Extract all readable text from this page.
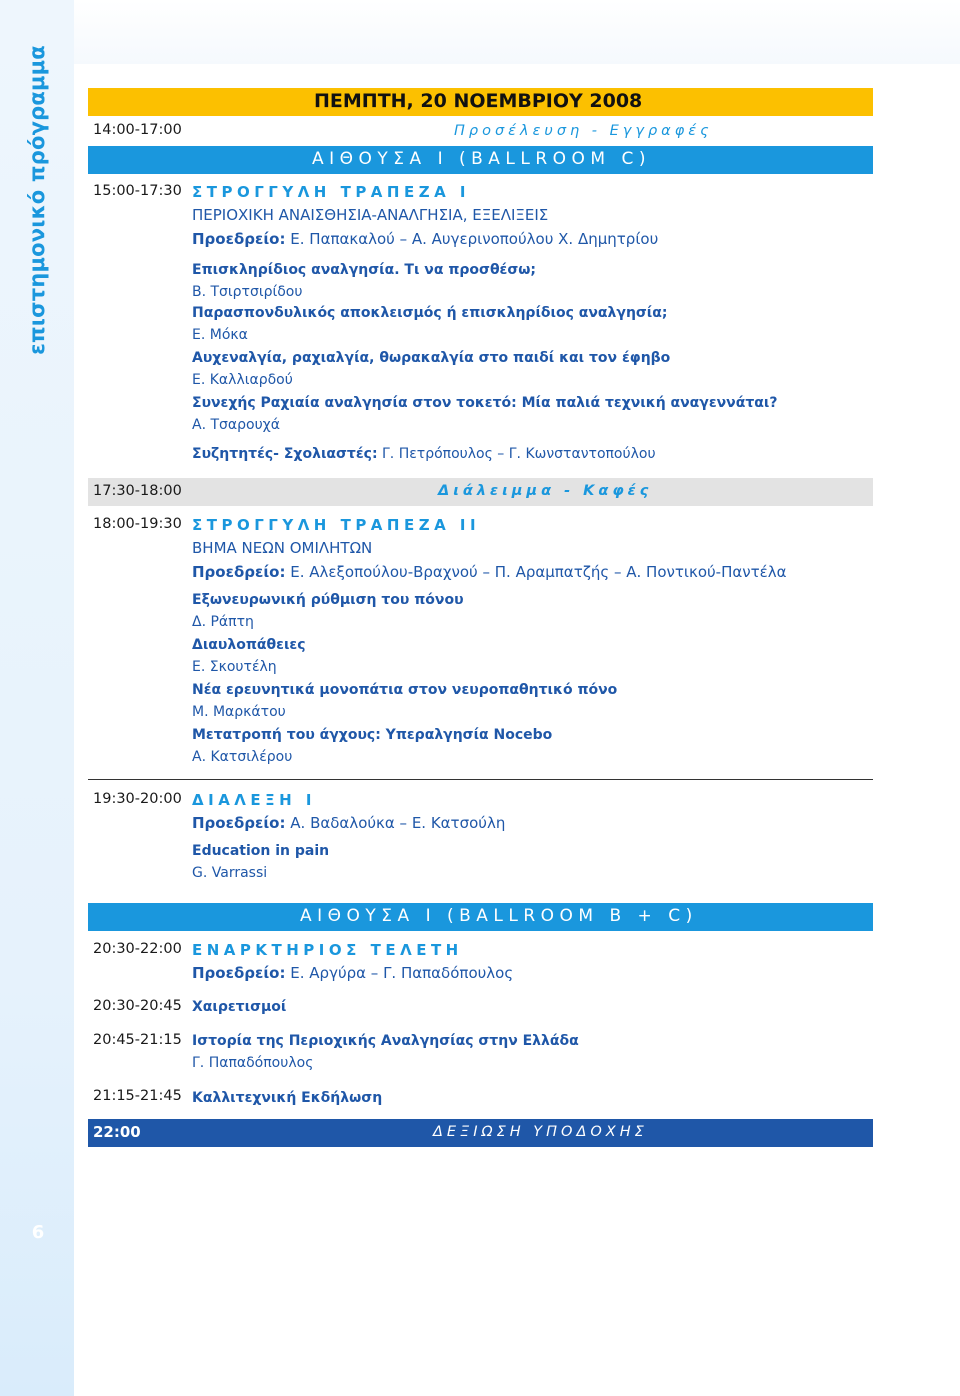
επιστημονικό πρόγραμμα
6
ΠΕΜΠΤΗ, 20 ΝΟΕΜΒΡΙΟΥ 2008
14:00-17:00	Προσέλευση - Εγγραφές
ΑΙΘΟΥΣΑ Ι (BALLROOM C)
15:00-17:30 ΣΤΡΟΓΓΥΛΗ ΤΡΑΠΕΖΑ Ι
ΠΕΡΙΟΧΙΚΗ ΑΝΑΙΣΘΗΣΙΑ-ΑΝΑΛΓΗΣΙΑ, ΕΞΕΛΙΞΕΙΣ
Προεδρείο: Ε. Παπακαλού – Α. Αυγερινοπούλου Χ. Δημητρίου
Επισκληρίδιος αναλγησία. Τι να προσθέσω;
Β. Τσιρτσιρίδου
Παρασπονδυλικός αποκλεισμός ή επισκληρίδιος αναλγησία;
Ε. Μόκα
Αυχεναλγία, ραχιαλγία, θωρακαλγία στο παιδί και τον έφηβο
Ε. Καλλιαρδού
Συνεχής Ραχιαία αναλγησία στον τοκετό: Μία παλιά τεχνική αναγεννάται?
Α. Τσαρουχά
Συζητητές- Σχολιαστές: Γ. Πετρόπουλος – Γ. Κωνσταντοπούλου
17:30-18:00	Διάλειμμα - Καφές
18:00-19:30 ΣΤΡΟΓΓΥΛΗ ΤΡΑΠΕΖΑ ΙΙ
ΒΗΜΑ ΝΕΩΝ ΟΜΙΛΗΤΩΝ
Προεδρείο: Ε. Αλεξοπούλου-Βραχνού – Π. Αραμπατζής – Α. Ποντικού-Παντέλα
Εξωνευρωνική ρύθμιση του πόνου
Δ. Ράπτη
Διαυλοπάθειες
Ε. Σκουτέλη
Νέα ερευνητικά μονοπάτια στον νευροπαθητικό πόνο
Μ. Μαρκάτου
Μετατροπή του άγχους: Υπεραλγησία Nocebo
Α. Κατσιλέρου
19:30-20:00 ΔΙΑΛΕΞΗ Ι
Προεδρείο: Α. Βαδαλούκα – Ε. Κατσούλη
Education in pain
G. Varrassi
ΑΙΘΟΥΣΑ Ι (BALLROOM B + C)
20:30-22:00 ΕΝΑΡΚΤΗΡΙΟΣ ΤΕΛΕΤΗ
Προεδρείο: Ε. Αργύρα – Γ. Παπαδόπουλος
20:30-20:45 Χαιρετισμοί
20:45-21:15 Ιστορία της Περιοχικής Αναλγησίας στην Ελλάδα
Γ. Παπαδόπουλος
21:15-21:45 Καλλιτεχνική Εκδήλωση
22:00	ΔΕΞΙΩΣΗ ΥΠΟΔΟΧΗΣ
